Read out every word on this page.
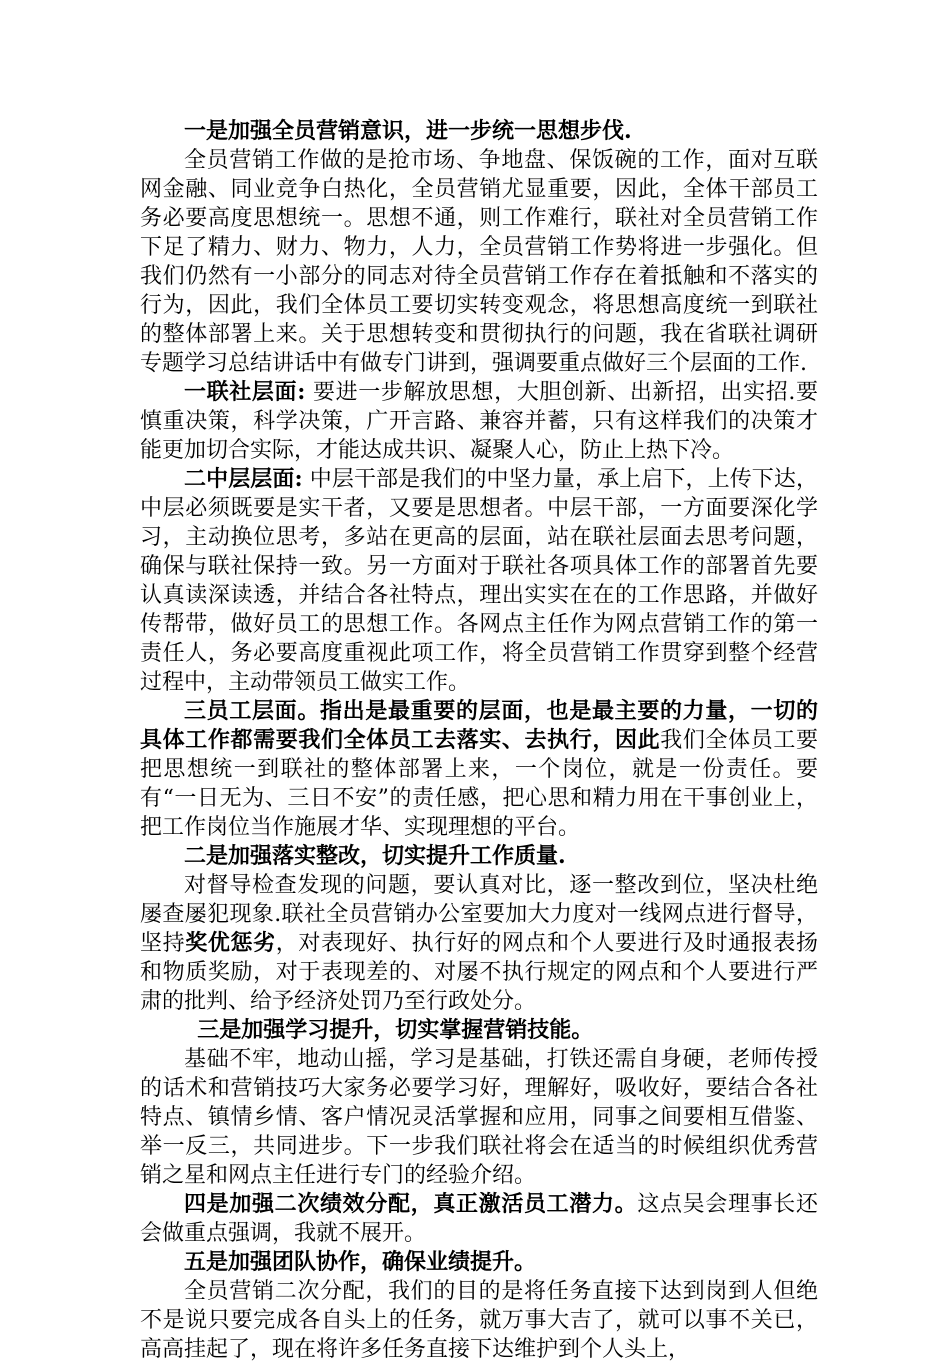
一是加强全员营销意识，进一步统一思想步伐.

全员营销工作做的是抢市场、争地盘、保饭碗的工作，面对互联网金融、同业竞争白热化，全员营销尤显重要，因此，全体干部员工务必要高度思想统一。思想不通，则工作难行，联社对全员营销工作下足了精力、财力、物力，人力，全员营销工作势将进一步强化。但我们仍然有一小部分的同志对待全员营销工作存在着抵触和不落实的行为，因此，我们全体员工要切实转变观念，将思想高度统一到联社的整体部署上来。关于思想转变和贯彻执行的问题，我在省联社调研专题学习总结讲话中有做专门讲到，强调要重点做好三个层面的工作.

一联社层面: 要进一步解放思想，大胆创新、出新招，出实招.要慎重决策，科学决策，广开言路、兼容并蓄，只有这样我们的决策才能更加切合实际，才能达成共识、凝聚人心，防止上热下冷。

二中层层面: 中层干部是我们的中坚力量，承上启下，上传下达，中层必须既要是实干者，又要是思想者。中层干部，一方面要深化学习，主动换位思考，多站在更高的层面，站在联社层面去思考问题，确保与联社保持一致。另一方面对于联社各项具体工作的部署首先要认真读深读透，并结合各社特点，理出实实在在的工作思路，并做好传帮带，做好员工的思想工作。各网点主任作为网点营销工作的第一责任人，务必要高度重视此项工作，将全员营销工作贯穿到整个经营过程中，主动带领员工做实工作。

三员工层面。指出是最重要的层面，也是最主要的力量，一切的具体工作都需要我们全体员工去落实、去执行，因此我们全体员工要把思想统一到联社的整体部署上来，一个岗位，就是一份责任。要有“一日无为、三日不安”的责任感，把心思和精力用在干事创业上，把工作岗位当作施展才华、实现理想的平台。

二是加强落实整改，切实提升工作质量.

对督导检查发现的问题，要认真对比，逐一整改到位，坚决杜绝屡查屡犯现象.联社全员营销办公室要加大力度对一线网点进行督导，坚持奖优惩劣，对表现好、执行好的网点和个人要进行及时通报表扬和物质奖励，对于表现差的、对屡不执行规定的网点和个人要进行严肃的批判、给予经济处罚乃至行政处分。

三是加强学习提升，切实掌握营销技能。

基础不牢，地动山摇，学习是基础，打铁还需自身硬，老师传授的话术和营销技巧大家务必要学习好，理解好，吸收好，要结合各社特点、镇情乡情、客户情况灵活掌握和应用，同事之间要相互借鉴、举一反三，共同进步。下一步我们联社将会在适当的时候组织优秀营销之星和网点主任进行专门的经验介绍。

四是加强二次绩效分配，真正激活员工潜力。这点吴会理事长还会做重点强调，我就不展开。

五是加强团队协作，确保业绩提升。

全员营销二次分配，我们的目的是将任务直接下达到岗到人但绝不是说只要完成各自头上的任务，就万事大吉了，就可以事不关已，高高挂起了，现在将许多任务直接下达维护到个人头上，
